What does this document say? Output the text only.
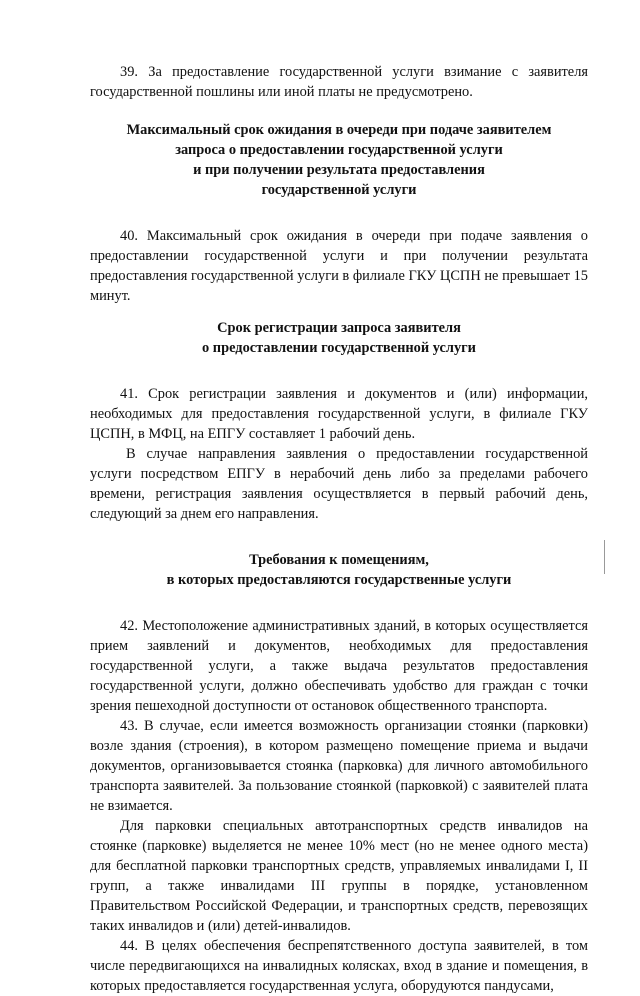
39. За предоставление государственной услуги взимание с заявителя государственной пошлины или иной платы не предусмотрено.

Максимальный срок ожидания в очереди при подаче заявителем
запроса о предоставлении государственной услуги
и при получении результата предоставления
государственной услуги

40. Максимальный срок ожидания в очереди при подаче заявления о предоставлении государственной услуги и при получении результата предоставления государственной услуги в филиале ГКУ ЦСПН не превышает 15 минут.

Срок регистрации запроса заявителя
о предоставлении государственной услуги

41. Срок регистрации заявления и документов и (или) информации, необходимых для предоставления государственной услуги, в филиале ГКУ ЦСПН, в МФЦ, на ЕПГУ составляет 1 рабочий день.

В случае направления заявления о предоставлении государственной услуги посредством ЕПГУ в нерабочий день либо за пределами рабочего времени, регистрация заявления осуществляется в первый рабочий день, следующий за днем его направления.

Требования к помещениям,
в которых предоставляются государственные услуги

42. Местоположение административных зданий, в которых осуществляется прием заявлений и документов, необходимых для предоставления государственной услуги, а также выдача результатов предоставления государственной услуги, должно обеспечивать удобство для граждан с точки зрения пешеходной доступности от остановок общественного транспорта.

43. В случае, если имеется возможность организации стоянки (парковки) возле здания (строения), в котором размещено помещение приема и выдачи документов, организовывается стоянка (парковка) для личного автомобильного транспорта заявителей. За пользование стоянкой (парковкой) с заявителей плата не взимается.

Для парковки специальных автотранспортных средств инвалидов на стоянке (парковке) выделяется не менее 10% мест (но не менее одного места) для бесплатной парковки транспортных средств, управляемых инвалидами I, II групп, а также инвалидами III группы в порядке, установленном Правительством Российской Федерации, и транспортных средств, перевозящих таких инвалидов и (или) детей-инвалидов.

44. В целях обеспечения беспрепятственного доступа заявителей, в том числе передвигающихся на инвалидных колясках, вход в здание и помещения, в которых предоставляется государственная услуга, оборудуются пандусами,
